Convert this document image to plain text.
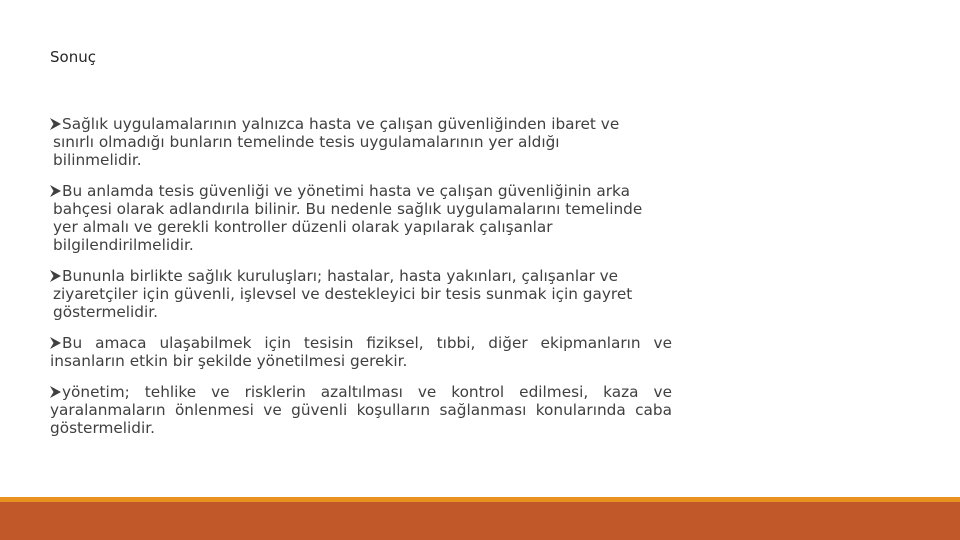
Sonuç
Sağlık uygulamalarının yalnızca hasta ve çalışan güvenliğinden ibaret ve
sınırlı olmadığı bunların temelinde tesis uygulamalarının yer aldığı
bilinmelidir.
Bu anlamda tesis güvenliği ve yönetimi hasta ve çalışan güvenliğinin arka
bahçesi olarak adlandırıla bilinir. Bu nedenle sağlık uygulamalarını temelinde
yer almalı ve gerekli kontroller düzenli olarak yapılarak çalışanlar
bilgilendirilmelidir.
Bununla birlikte sağlık kuruluşları; hastalar, hasta yakınları, çalışanlar ve
ziyaretçiler için güvenli, işlevsel ve destekleyici bir tesis sunmak için gayret
göstermelidir.
Bu amaca ulaşabilmek için tesisin fiziksel, tıbbi, diğer ekipmanların ve insanların etkin bir şekilde yönetilmesi gerekir.
yönetim; tehlike ve risklerin azaltılması ve kontrol edilmesi, kaza ve yaralanmaların önlenmesi ve güvenli koşulların sağlanması konularında caba göstermelidir.
